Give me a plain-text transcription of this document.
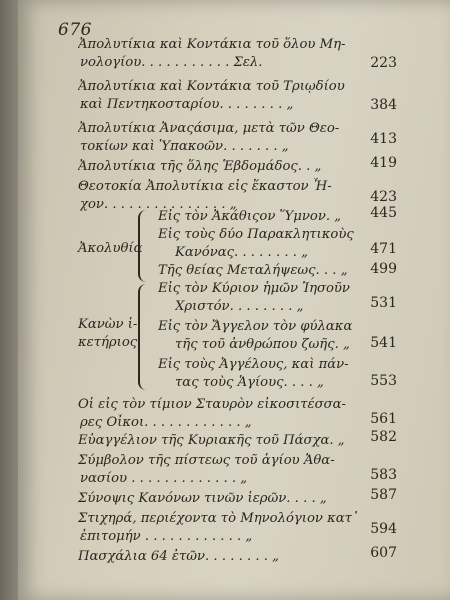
676
Ἀπολυτίκια καὶ Κοντάκια τοῦ ὅλου Μη-
νολογίου. . . . . . . . . . . Σελ.	223
Ἀπολυτίκια καὶ Κοντάκια τοῦ Τριῳδίου
καὶ Πεντηκοσταρίου. . . . . . . . „	384
Ἀπολυτίκια Ἀναςάσιμα, μετὰ τῶν Θεο-
τοκίων καὶ Ὑπακοῶν. . . . . . . „	413
Ἀπολυτίκια τῆς ὅλης Ἑβδομάδος. . „	419
Θεοτοκία Ἀπολυτίκια εἰς ἕκαστον Ἦ-
χον. . . . . . . . . . . . . . . „	423
Ἀκολυθία
Εἰς τὸν Ἀκάθιςον Ὕμνον. „	445
Εἰς τοὺς δύο Παρακλητικοὺς
Κανόνας. . . . . . . . „	471
Τῆς θείας Μεταλήψεως. . . „	499
Κανὼν ἱ-
κετήριος.
Εἰς τὸν Κύριον ἡμῶν Ἰησοῦν
Χριστόν. . . . . . . . „	531
Εἰς τὸν Ἄγγελον τὸν φύλακα
τῆς τοῦ ἀνθρώπου ζωῆς. „	541
Εἰς τοὺς Ἀγγέλους, καὶ πάν-
τας τοὺς Ἁγίους. . . . „	553
Οἱ εἰς τὸν τίμιον Σταυρὸν εἰκοσιτέσσα-
ρες Οἶκοι. . . . . . . . . . . . „	561
Εὐαγγέλιον τῆς Κυριακῆς τοῦ Πάσχα. „	582
Σύμβολον τῆς πίστεως τοῦ ἁγίου Ἀθα-
νασίου . . . . . . . . . . . . . „	583
Σύνοψις Κανόνων τινῶν ἱερῶν. . . . „	587
Στιχηρά, περιέχοντα τὸ Μηνολόγιον κατ᾽
ἐπιτομήν . . . . . . . . . . . . „	594
Πασχάλια 64 ἐτῶν. . . . . . . . „	607
